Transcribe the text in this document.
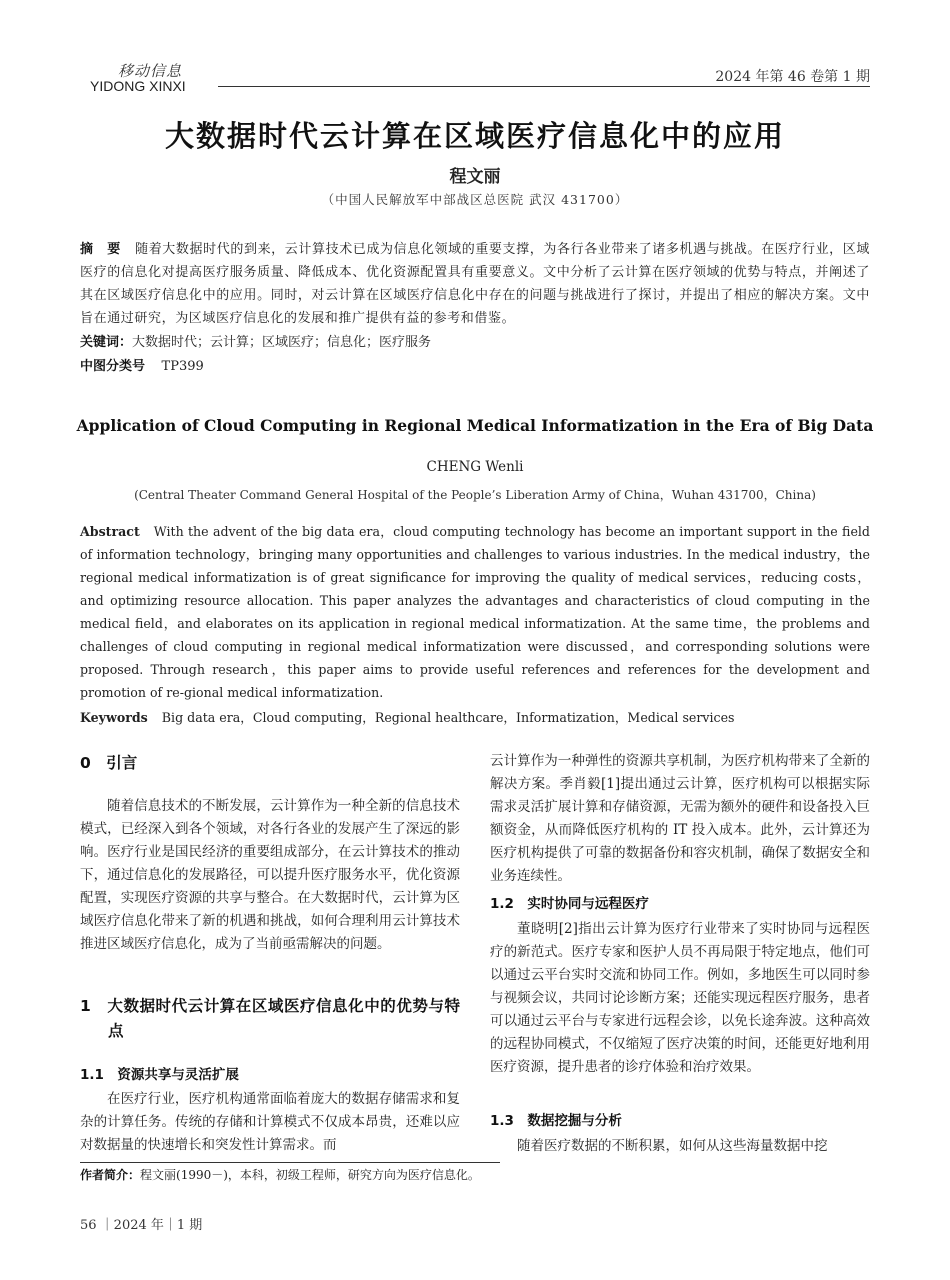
移动信息
YIDONG XINXI
2024 年第 46 卷第 1 期
大数据时代云计算在区域医疗信息化中的应用
程文丽
（中国人民解放军中部战区总医院 武汉 431700）
摘　要 随着大数据时代的到来，云计算技术已成为信息化领域的重要支撑，为各行各业带来了诸多机遇与挑战。在医疗行业，区域医疗的信息化对提高医疗服务质量、降低成本、优化资源配置具有重要意义。文中分析了云计算在医疗领域的优势与特点，并阐述了其在区域医疗信息化中的应用。同时，对云计算在区域医疗信息化中存在的问题与挑战进行了探讨，并提出了相应的解决方案。文中旨在通过研究，为区域医疗信息化的发展和推广提供有益的参考和借鉴。
关键词：大数据时代；云计算；区域医疗；信息化；医疗服务
中图分类号 TP399
Application of Cloud Computing in Regional Medical Informatization in the Era of Big Data
CHENG Wenli
(Central Theater Command General Hospital of the People’s Liberation Army of China，Wuhan 431700，China)
Abstract With the advent of the big data era，cloud computing technology has become an important support in the field of information technology，bringing many opportunities and challenges to various industries. In the medical industry，the regional medical informatization is of great significance for improving the quality of medical services，reducing costs，and optimizing resource allocation. This paper analyzes the advantages and characteristics of cloud computing in the medical field，and elaborates on its application in regional medical informatization. At the same time，the problems and challenges of cloud computing in regional medical informatization were discussed，and corresponding solutions were proposed. Through research，this paper aims to provide useful references and references for the development and promotion of re-gional medical informatization.
Keywords Big data era，Cloud computing，Regional healthcare，Informatization，Medical services
0　引言
随着信息技术的不断发展，云计算作为一种全新的信息技术模式，已经深入到各个领域，对各行各业的发展产生了深远的影响。医疗行业是国民经济的重要组成部分，在云计算技术的推动下，通过信息化的发展路径，可以提升医疗服务水平，优化资源配置，实现医疗资源的共享与整合。在大数据时代，云计算为区域医疗信息化带来了新的机遇和挑战，如何合理利用云计算技术推进区域医疗信息化，成为了当前亟需解决的问题。
1　大数据时代云计算在区域医疗信息化中的优势与特点
1.1　资源共享与灵活扩展
在医疗行业，医疗机构通常面临着庞大的数据存储需求和复杂的计算任务。传统的存储和计算模式不仅成本昂贵，还难以应对数据量的快速增长和突发性计算需求。而
云计算作为一种弹性的资源共享机制，为医疗机构带来了全新的解决方案。季肖毅[1]提出通过云计算，医疗机构可以根据实际需求灵活扩展计算和存储资源，无需为额外的硬件和设备投入巨额资金，从而降低医疗机构的 IT 投入成本。此外，云计算还为医疗机构提供了可靠的数据备份和容灾机制，确保了数据安全和业务连续性。
1.2　实时协同与远程医疗
董晓明[2]指出云计算为医疗行业带来了实时协同与远程医疗的新范式。医疗专家和医护人员不再局限于特定地点，他们可以通过云平台实时交流和协同工作。例如，多地医生可以同时参与视频会议，共同讨论诊断方案；还能实现远程医疗服务，患者可以通过云平台与专家进行远程会诊，以免长途奔波。这种高效的远程协同模式，不仅缩短了医疗决策的时间，还能更好地利用医疗资源，提升患者的诊疗体验和治疗效果。
1.3　数据挖掘与分析
随着医疗数据的不断积累，如何从这些海量数据中挖
作者简介：程文丽(1990－)，本科，初级工程师，研究方向为医疗信息化。
56 ｜2024 年｜1 期
